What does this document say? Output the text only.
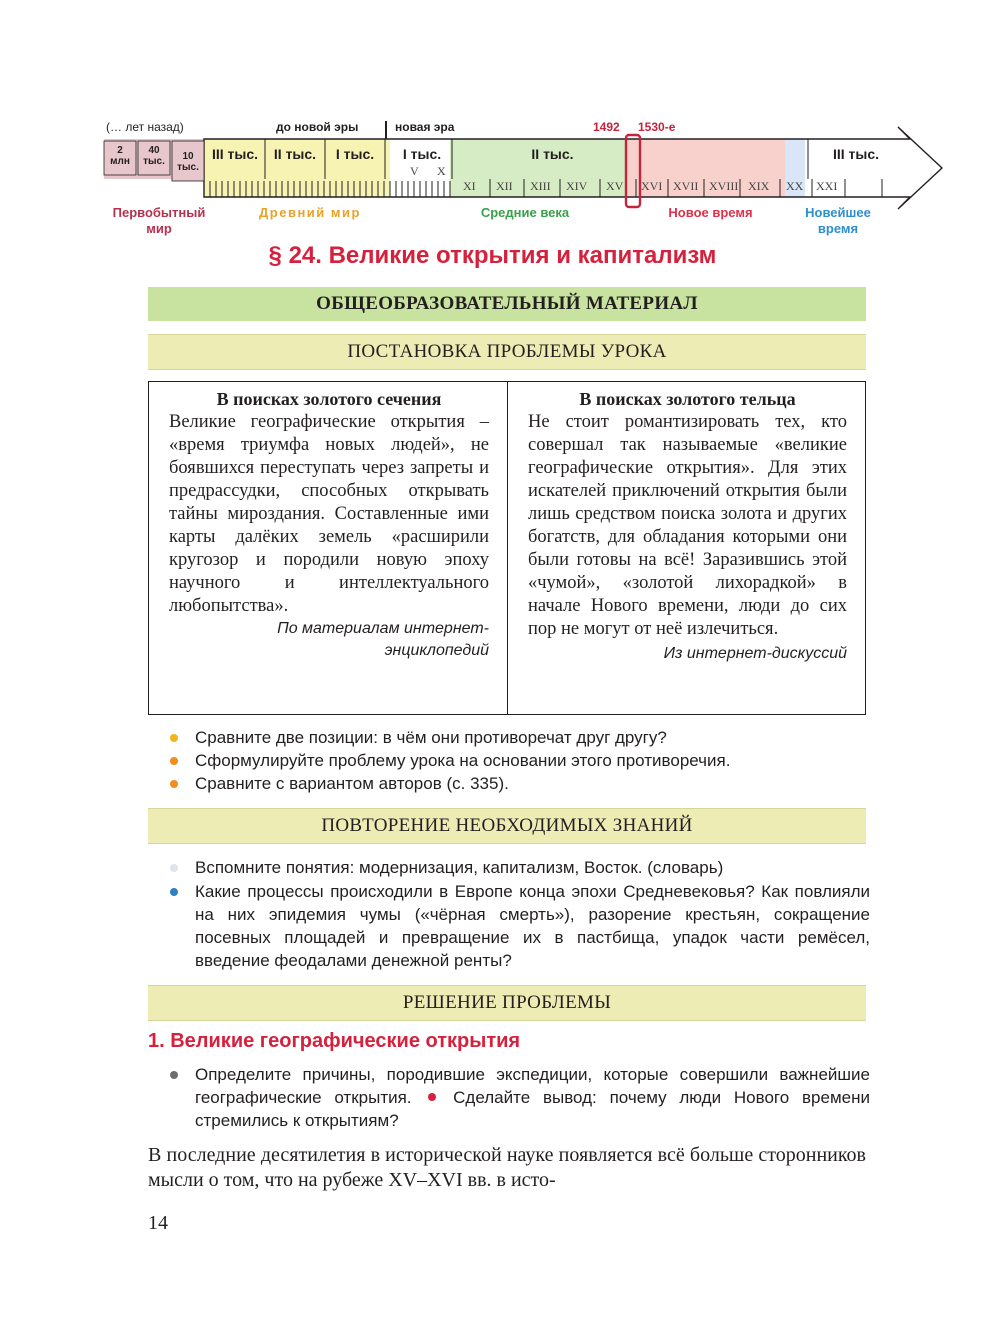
(… лет назад)	до новой эры	новая эра	1492 1530-е
2
млн
40
тыс.	10
тыс.
III тыс.	II тыс.	I тыс.	I тыс.	II тыс.	III тыс.
V X
XI XII XIII XIV XV XVI XVII XVIII XIX XX XXI
Первобытный
мир
Древний мир	Средние века	Новое время	Новейшее
время
§ 24. Великие открытия и капитализм
ОБЩЕОБРАЗОВАТЕЛЬНЫЙ МАТЕРИАЛ
ПОСТАНОВКА ПРОБЛЕМЫ УРОКА
В поисках золотого сечения
Великие географические открытия – «время триумфа новых людей», не боявшихся переступать через запреты и предрассудки, способных открывать тайны мироздания. Составленные ими карты далёких земель «расширили кругозор и породили новую эпоху научного и интеллектуального любопытства».
По материалам интернет-
энциклопедий
В поисках золотого тельца
Не стоит романтизировать тех, кто совершал так называемые «великие географические открытия». Для этих искателей приключений открытия были лишь средством поиска золота и других богатств, для обладания которыми они были готовы на всё! Заразившись этой «чумой», «золотой лихорадкой» в начале Нового времени, люди до сих пор не могут от неё излечиться.
Из интернет-дискуссий
Сравните две позиции: в чём они противоречат друг другу?
Сформулируйте проблему урока на основании этого противоречия.
Сравните с вариантом авторов (с. 335).
ПОВТОРЕНИЕ НЕОБХОДИМЫХ ЗНАНИЙ
Вспомните понятия: модернизация, капитализм, Восток. (словарь)
Какие процессы происходили в Европе конца эпохи Средневековья? Как повлияли на них эпидемия чумы («чёрная смерть»), разорение крестьян, сокращение посевных площадей и превращение их в пастбища, упадок части ремёсел, введение феодалами денежной ренты?
РЕШЕНИЕ ПРОБЛЕМЫ
1. Великие географические открытия
Определите причины, породившие экспедиции, которые совершили важнейшие географические открытия. Сделайте вывод: почему люди Нового времени стремились к открытиям?
В последние десятилетия в исторической науке появляется всё больше сторонников мысли о том, что на рубеже XV–XVI вв. в исто-
14
